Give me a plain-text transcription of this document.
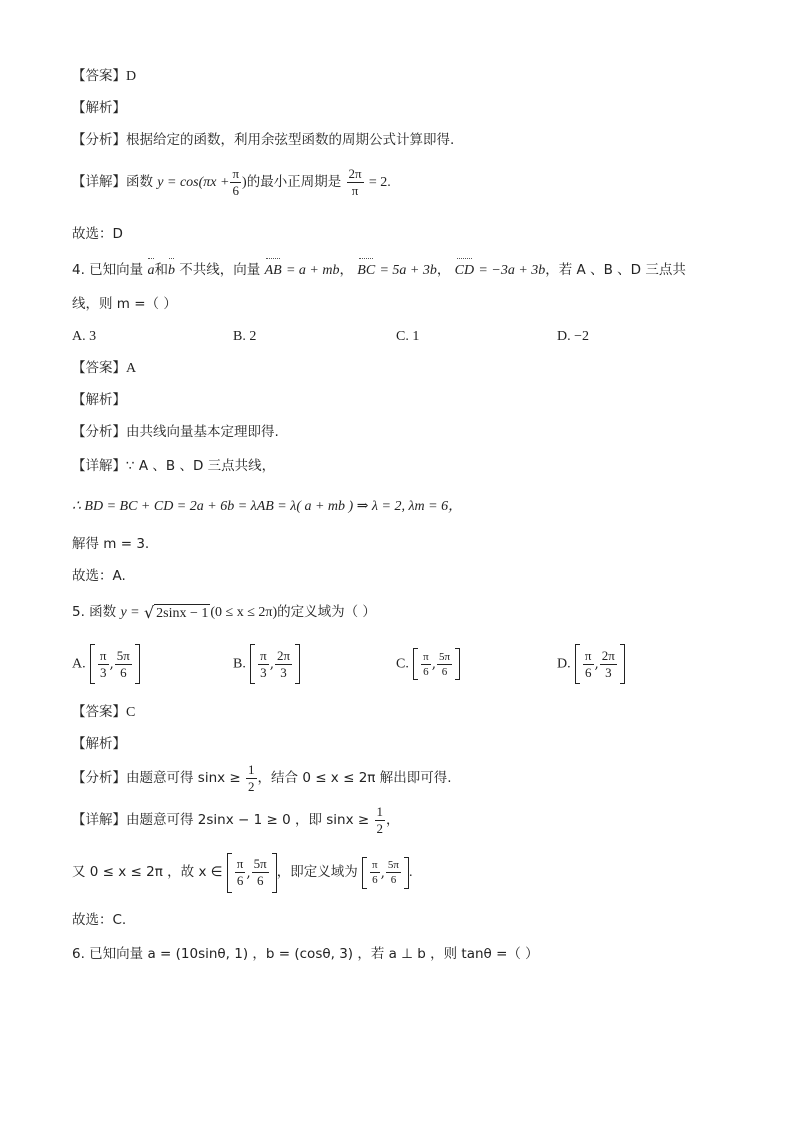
【答案】D
【解析】
【分析】根据给定的函数，利用余弦型函数的周期公式计算即得.
【详解】函数 $y = \cos(\pi x + \frac{\pi}{6}$ )的最小正周期是 $\frac{2\pi}{\pi} = 2$.
故选：D
4. 已知向量 a和b 不共线，向量 AB = a + mb， BC = 5a + 3b， CD = −3a + 3b，若 A 、B 、D 三点共
线，则 m =（ ）
A. 3	B. 2	C. 1	D. −2
【答案】A
【解析】
【分析】由共线向量基本定理即得.
【详解】∵ A 、B 、D 三点共线，
∴ BD = BC + CD = 2a + 6b = λAB = λ( a + mb ) ⇒ λ = 2, λm = 6，
解得 m = 3.
故选：A.
5. 函数 y = √ 2sinx − 1 (0 ≤ x ≤ 2π)的定义域为（ ）
A. $\frac{\pi}{3}$ , $\frac{5\pi}{6}$	B. $\frac{\pi}{3}$ , $\frac{2\pi}{3}$	C. $\frac{\pi}{6}$ , $\frac{5\pi}{6}$	D. $\frac{\pi}{6}$ , $\frac{2\pi}{3}$
【答案】C
【解析】
【分析】由题意可得 $\sin x \ge \frac{1}{2}$ ，结合 0 ≤ x ≤ 2π 解出即可得.
【详解】由题意可得 2sinx − 1 ≥ 0 ，即 $\sin x \ge \frac{1}{2}$ ，
又 0 ≤ x ≤ 2π ，故 x ∈ $\frac{\pi}{6}$ , $\frac{5\pi}{6}$ ，即定义域为 $\frac{\pi}{6}$ , $\frac{5\pi}{6}$ .
故选：C.
6. 已知向量 a = (10sinθ, 1) ，b = (cosθ, 3) ，若 a ⊥ b ，则 tanθ =（ ）
